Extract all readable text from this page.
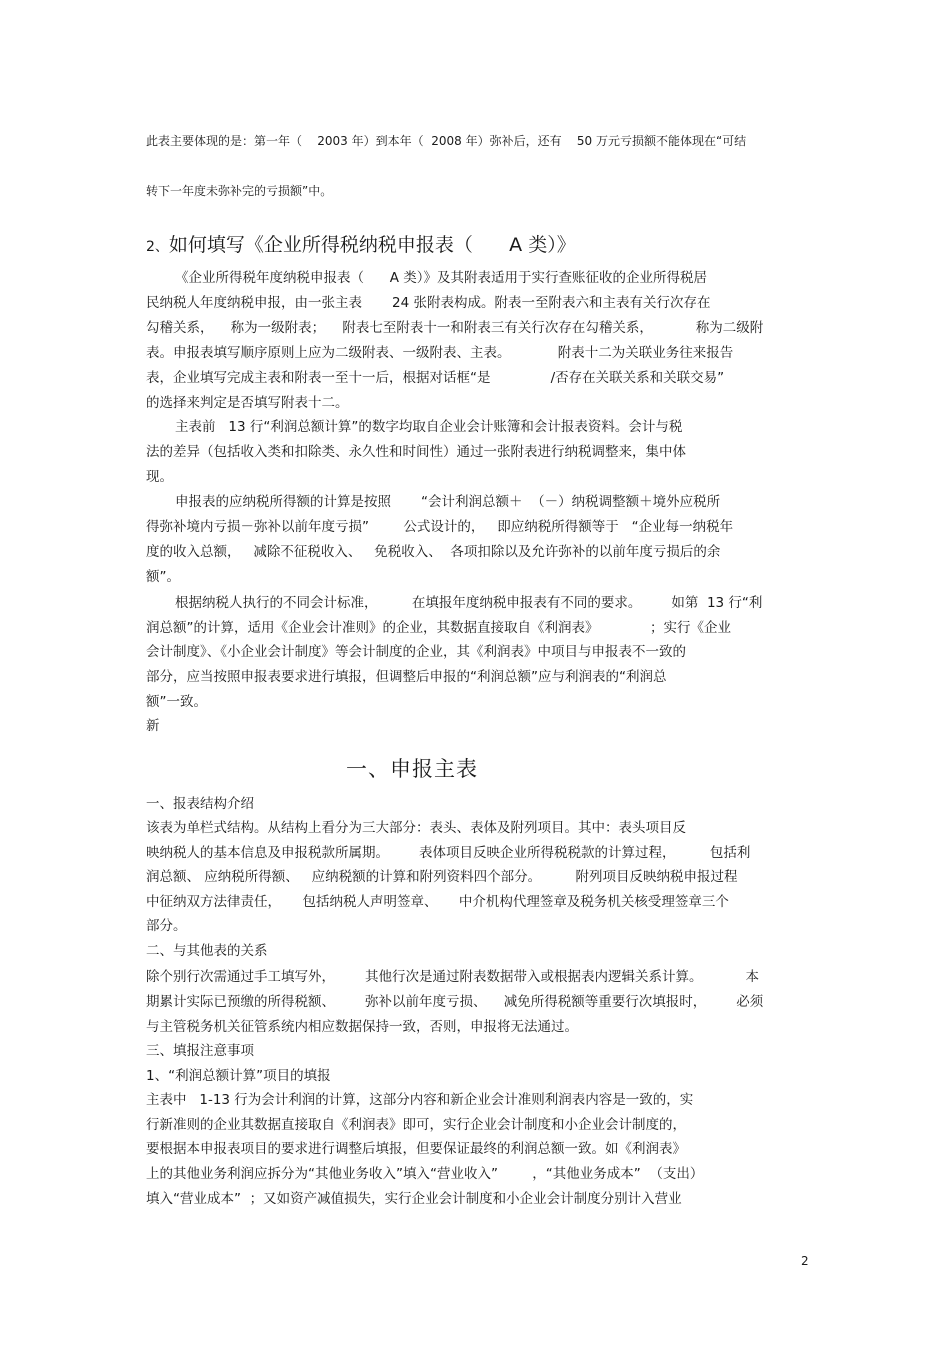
此表主要体现的是：第一年（    2003 年）到本年（  2008 年）弥补后，还有    50 万元亏损额不能体现在“可结

转下一年度未弥补完的亏损额”中。

2、如何填写《企业所得税纳税申报表（      A 类）》

《企业所得税年度纳税申报表（      A 类）》及其附表适用于实行查账征收的企业所得税居

民纳税人年度纳税申报，由一张主表       24 张附表构成。附表一至附表六和主表有关行次存在

勾稽关系，    称为一级附表；    附表七至附表十一和附表三有关行次存在勾稽关系，          称为二级附

表。申报表填写顺序原则上应为二级附表、一级附表、主表。           附表十二为关联业务往来报告

表，企业填写完成主表和附表一至十一后，根据对话框“是              /否存在关联关系和关联交易”

的选择来判定是否填写附表十二。

主表前   13 行“利润总额计算”的数字均取自企业会计账簿和会计报表资料。会计与税

法的差异（包括收入类和扣除类、永久性和时间性）通过一张附表进行纳税调整来，集中体

现。

申报表的应纳税所得额的计算是按照       “会计利润总额＋  （－）纳税调整额＋境外应税所

得弥补境内亏损－弥补以前年度亏损”        公式设计的，   即应纳税所得额等于   “企业每一纳税年

度的收入总额，   减除不征税收入、   免税收入、  各项扣除以及允许弥补的以前年度亏损后的余

额”。

根据纳税人执行的不同会计标准，        在填报年度纳税申报表有不同的要求。       如第  13 行“利

润总额”的计算，适用《企业会计准则》的企业，其数据直接取自《利润表》            ；实行《企业

会计制度》、《小企业会计制度》等会计制度的企业，其《利润表》中项目与申报表不一致的

部分，应当按照申报表要求进行填报，但调整后申报的“利润总额”应与利润表的“利润总

额”一致。

新

一、申报主表

一、报表结构介绍

该表为单栏式结构。从结构上看分为三大部分：表头、表体及附列项目。其中：表头项目反

映纳税人的基本信息及申报税款所属期。       表体项目反映企业所得税税款的计算过程，        包括利

润总额、 应纳税所得额、   应纳税额的计算和附列资料四个部分。        附列项目反映纳税申报过程

中征纳双方法律责任，     包括纳税人声明签章、     中介机构代理签章及税务机关核受理签章三个

部分。

二、与其他表的关系

除个别行次需通过手工填写外，       其他行次是通过附表数据带入或根据表内逻辑关系计算。          本

期累计实际已预缴的所得税额、       弥补以前年度亏损、    减免所得税额等重要行次填报时，       必须

与主管税务机关征管系统内相应数据保持一致，否则，申报将无法通过。

三、填报注意事项

1、“利润总额计算”项目的填报

主表中   1-13 行为会计利润的计算，这部分内容和新企业会计准则利润表内容是一致的，实

行新准则的企业其数据直接取自《利润表》即可，实行企业会计制度和小企业会计制度的，

要根据本申报表项目的要求进行调整后填报，但要保证最终的利润总额一致。如《利润表》

上的其他业务利润应拆分为“其他业务收入”填入“营业收入”        ，“其他业务成本”  （支出）

填入“营业成本”  ；又如资产减值损失，实行企业会计制度和小企业会计制度分别计入营业

2
